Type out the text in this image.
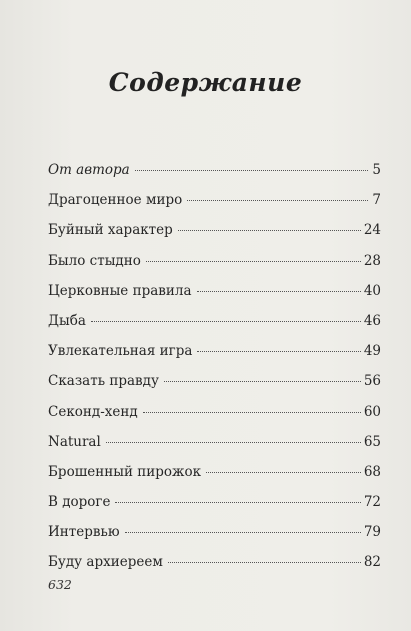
Содержание
От автора	5
Драгоценное миро	7
Буйный характер	24
Было стыдно	28
Церковные правила	40
Дыба	46
Увлекательная игра	49
Сказать правду	56
Секонд-хенд	60
Natural	65
Брошенный пирожок	68
В дороге	72
Интервью	79
Буду архиереем	82
632
